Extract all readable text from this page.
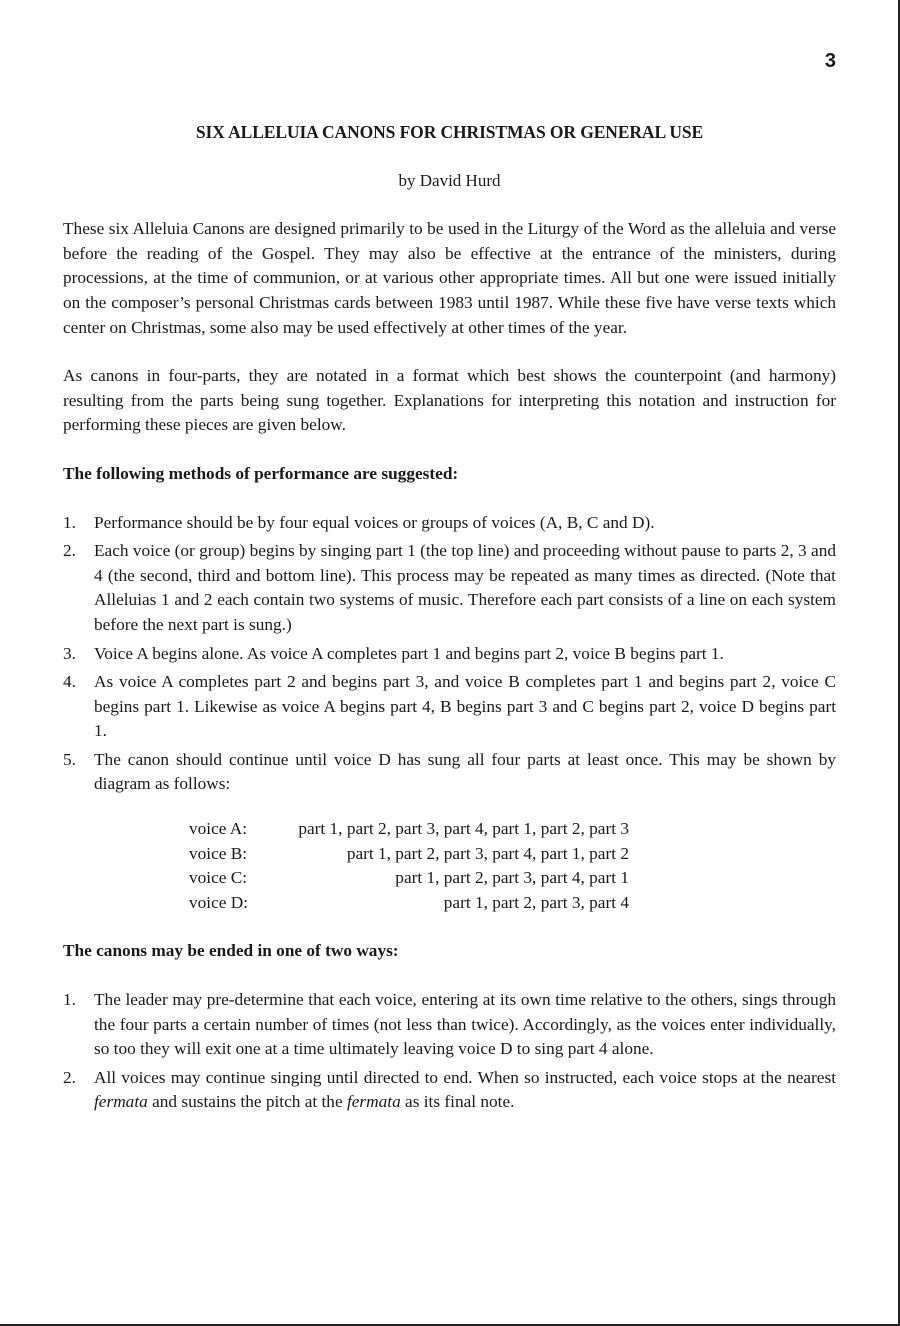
3

SIX ALLELUIA CANONS FOR CHRISTMAS OR GENERAL USE

by David Hurd

These six Alleluia Canons are designed primarily to be used in the Liturgy of the Word as the alleluia and verse before the reading of the Gospel. They may also be effective at the entrance of the ministers, during processions, at the time of communion, or at various other appropriate times. All but one were issued initially on the composer’s personal Christmas cards between 1983 until 1987. While these five have verse texts which center on Christmas, some also may be used effectively at other times of the year.

As canons in four-parts, they are notated in a format which best shows the counterpoint (and harmony) resulting from the parts being sung together. Explanations for interpreting this notation and instruction for performing these pieces are given below.

The following methods of performance are suggested:

1. Performance should be by four equal voices or groups of voices (A, B, C and D).
2. Each voice (or group) begins by singing part 1 (the top line) and proceeding without pause to parts 2, 3 and 4 (the second, third and bottom line). This process may be repeated as many times as directed. (Note that Alleluias 1 and 2 each contain two systems of music. Therefore each part consists of a line on each system before the next part is sung.)
3. Voice A begins alone. As voice A completes part 1 and begins part 2, voice B begins part 1.
4. As voice A completes part 2 and begins part 3, and voice B completes part 1 and begins part 2, voice C begins part 1. Likewise as voice A begins part 4, B begins part 3 and C begins part 2, voice D begins part 1.
5. The canon should continue until voice D has sung all four parts at least once. This may be shown by diagram as follows:
voice A:	part 1, part 2, part 3, part 4, part 1, part 2, part 3
voice B:	part 1, part 2, part 3, part 4, part 1, part 2
voice C:	part 1, part 2, part 3, part 4, part 1
voice D:	part 1, part 2, part 3, part 4

The canons may be ended in one of two ways:

1. The leader may pre-determine that each voice, entering at its own time relative to the others, sings through the four parts a certain number of times (not less than twice). Accordingly, as the voices enter individually, so too they will exit one at a time ultimately leaving voice D to sing part 4 alone.
2. All voices may continue singing until directed to end. When so instructed, each voice stops at the nearest fermata and sustains the pitch at the fermata as its final note.
